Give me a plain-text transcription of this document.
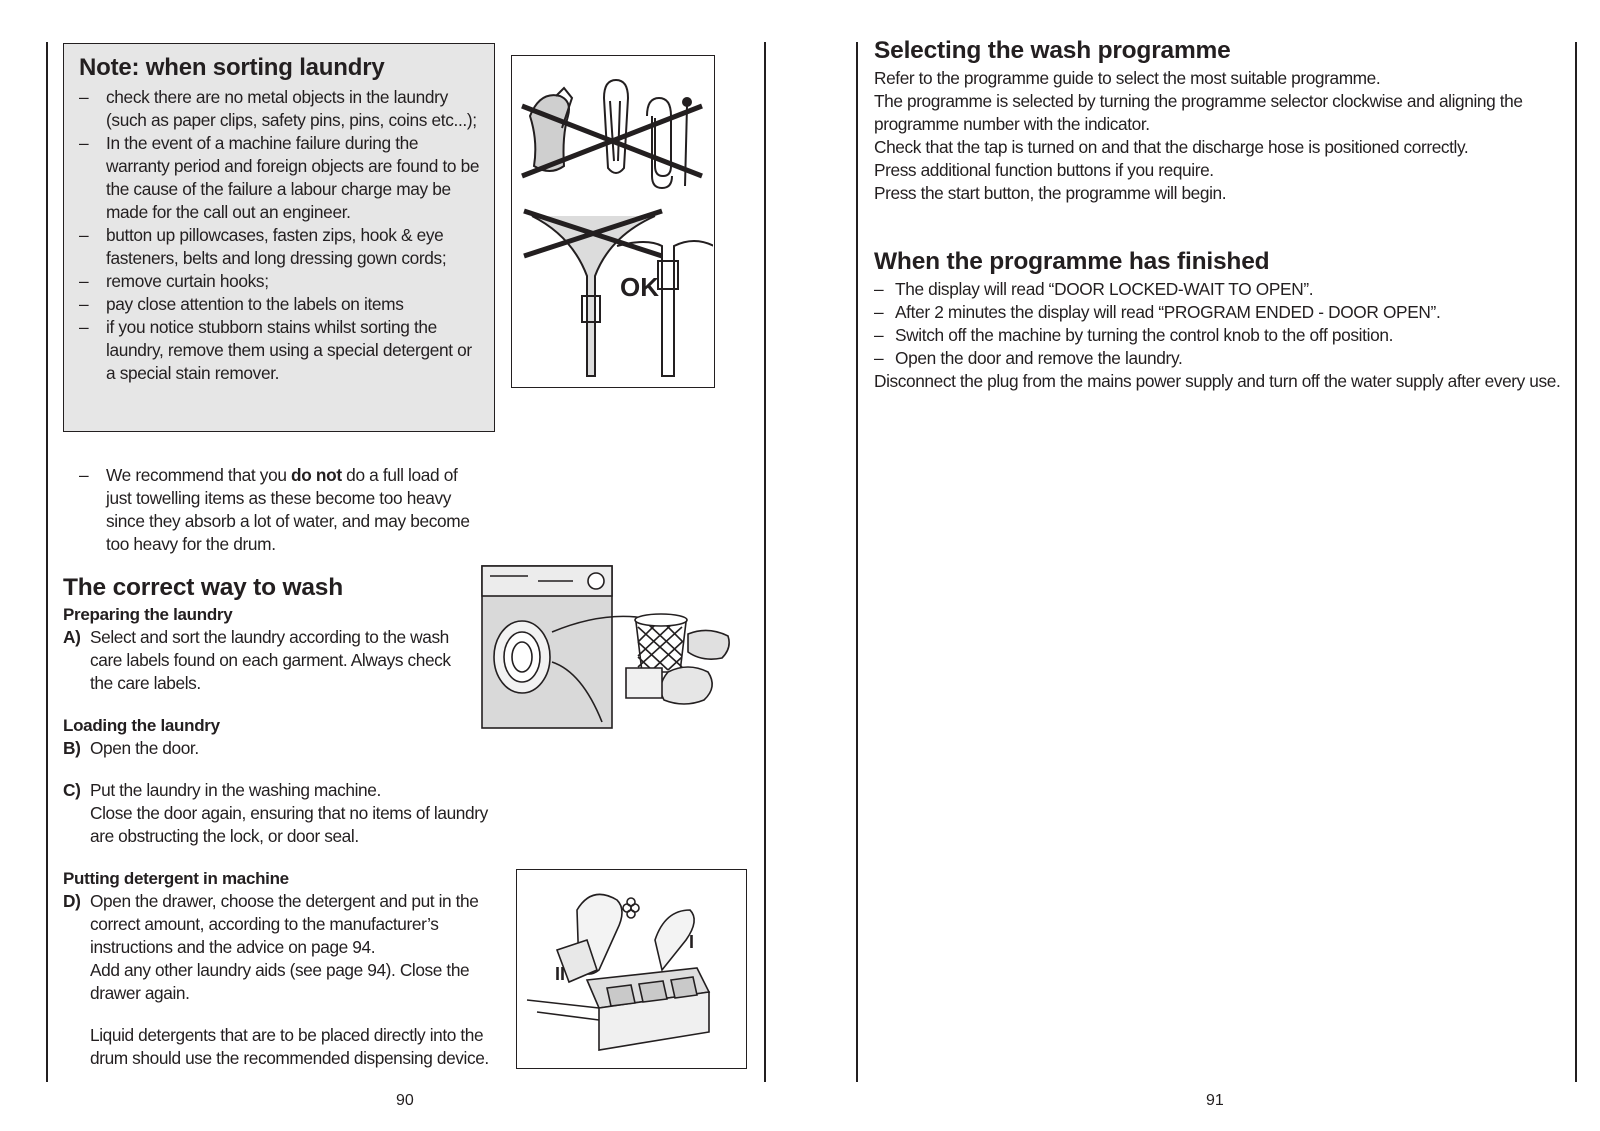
Note: when sorting laundry
– check there are no metal objects in the laundry (such as paper clips, safety pins, pins, coins etc...);
– In the event of a machine failure during the warranty period and foreign objects are found to be the cause of the failure a labour charge may be made for the call out an engineer.
– button up pillowcases, fasten zips, hook & eye fasteners, belts and long dressing gown cords;
– remove curtain hooks;
– pay close attention to the labels on items
– if you notice stubborn stains whilst sorting the laundry, remove them using a special detergent or a special stain remover.
OK
– We recommend that you do not do a full load of just towelling items as these become too heavy since they absorb a lot of water, and may become too heavy for the drum.
The correct way to wash
Preparing the laundry
A) Select and sort the laundry according to the wash care labels found on each garment. Always check the care labels.
Loading the laundry
B) Open the door.
C) Put the laundry in the washing machine.
Close the door again, ensuring that no items of laundry are obstructing the lock, or door seal.
Putting detergent in machine
D) Open the drawer, choose the detergent and put in the correct amount, according to the manufacturer’s instructions and the advice on page 94.
Add any other laundry aids (see page 94). Close the drawer again.
Liquid detergents that are to be placed directly into the drum should use the recommended dispensing device.
I
II
90
Selecting the wash programme
Refer to the programme guide to select the most suitable programme.
The programme is selected by turning the programme selector clockwise and aligning the programme number with the indicator.
Check that the tap is turned on and that the discharge hose is positioned correctly.
Press additional function buttons if you require.
Press the start button, the programme will begin.
When the programme has finished
– The display will read “DOOR LOCKED-WAIT TO OPEN”.
– After 2 minutes the display will read “PROGRAM ENDED - DOOR OPEN”.
– Switch off the machine by turning the control knob to the off position.
– Open the door and remove the laundry.
Disconnect the plug from the mains power supply and turn off the water supply after every use.
91
